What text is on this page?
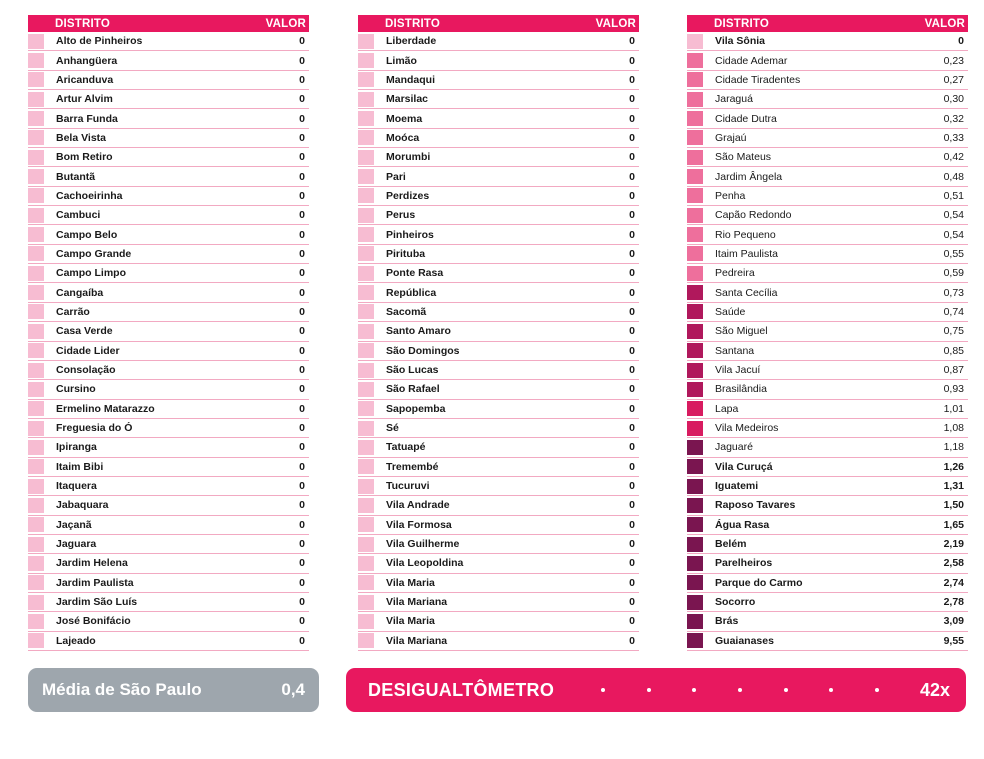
DISTRITO	VALOR
Alto de Pinheiros	0
Anhangüera	0
Aricanduva	0
Artur Alvim	0
Barra Funda	0
Bela Vista	0
Bom Retiro	0
Butantã	0
Cachoeirinha	0
Cambuci	0
Campo Belo	0
Campo Grande	0
Campo Limpo	0
Cangaíba	0
Carrão	0
Casa Verde	0
Cidade Lider	0
Consolação	0
Cursino	0
Ermelino Matarazzo	0
Freguesia do Ó	0
Ipiranga	0
Itaim Bibi	0
Itaquera	0
Jabaquara	0
Jaçanã	0
Jaguara	0
Jardim Helena	0
Jardim Paulista	0
Jardim São Luís	0
José Bonifácio	0
Lajeado	0
DISTRITO	VALOR
Liberdade	0
Limão	0
Mandaqui	0
Marsilac	0
Moema	0
Moóca	0
Morumbi	0
Pari	0
Perdizes	0
Perus	0
Pinheiros	0
Pirituba	0
Ponte Rasa	0
República	0
Sacomã	0
Santo Amaro	0
São Domingos	0
São Lucas	0
São Rafael	0
Sapopemba	0
Sé	0
Tatuapé	0
Tremembé	0
Tucuruvi	0
Vila Andrade	0
Vila Formosa	0
Vila Guilherme	0
Vila Leopoldina	0
Vila Maria	0
Vila Mariana	0
Vila Maria	0
Vila Mariana	0
DISTRITO	VALOR
Vila Sônia	0
Cidade Ademar	0,23
Cidade Tiradentes	0,27
Jaraguá	0,30
Cidade Dutra	0,32
Grajaú	0,33
São Mateus	0,42
Jardim Ângela	0,48
Penha	0,51
Capão Redondo	0,54
Rio Pequeno	0,54
Itaim Paulista	0,55
Pedreira	0,59
Santa Cecília	0,73
Saúde	0,74
São Miguel	0,75
Santana	0,85
Vila Jacuí	0,87
Brasilândia	0,93
Lapa	1,01
Vila Medeiros	1,08
Jaguaré	1,18
Vila Curuçá	1,26
Iguatemi	1,31
Raposo Tavares	1,50
Água Rasa	1,65
Belém	2,19
Parelheiros	2,58
Parque do Carmo	2,74
Socorro	2,78
Brás	3,09
Guaianases	9,55
Média de São Paulo	0,4	DESIGUALTÔMETRO	42x
